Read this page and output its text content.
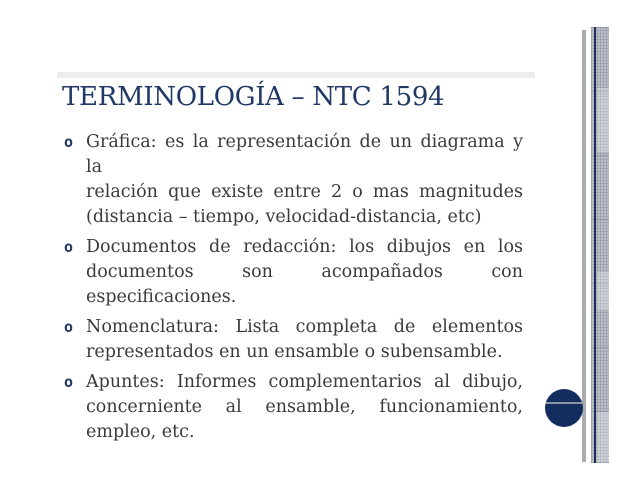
TERMINOLOGÍA – NTC 1594
o Gráfica: es la representación de un diagrama y la
relación que existe entre 2 o mas magnitudes
(distancia – tiempo, velocidad-distancia, etc)
o Documentos de redacción: los dibujos en los
documentos son acompañados con
especificaciones.
o Nomenclatura: Lista completa de elementos
representados en un ensamble o subensamble.
o Apuntes: Informes complementarios al dibujo,
concerniente al ensamble, funcionamiento,
empleo, etc.
